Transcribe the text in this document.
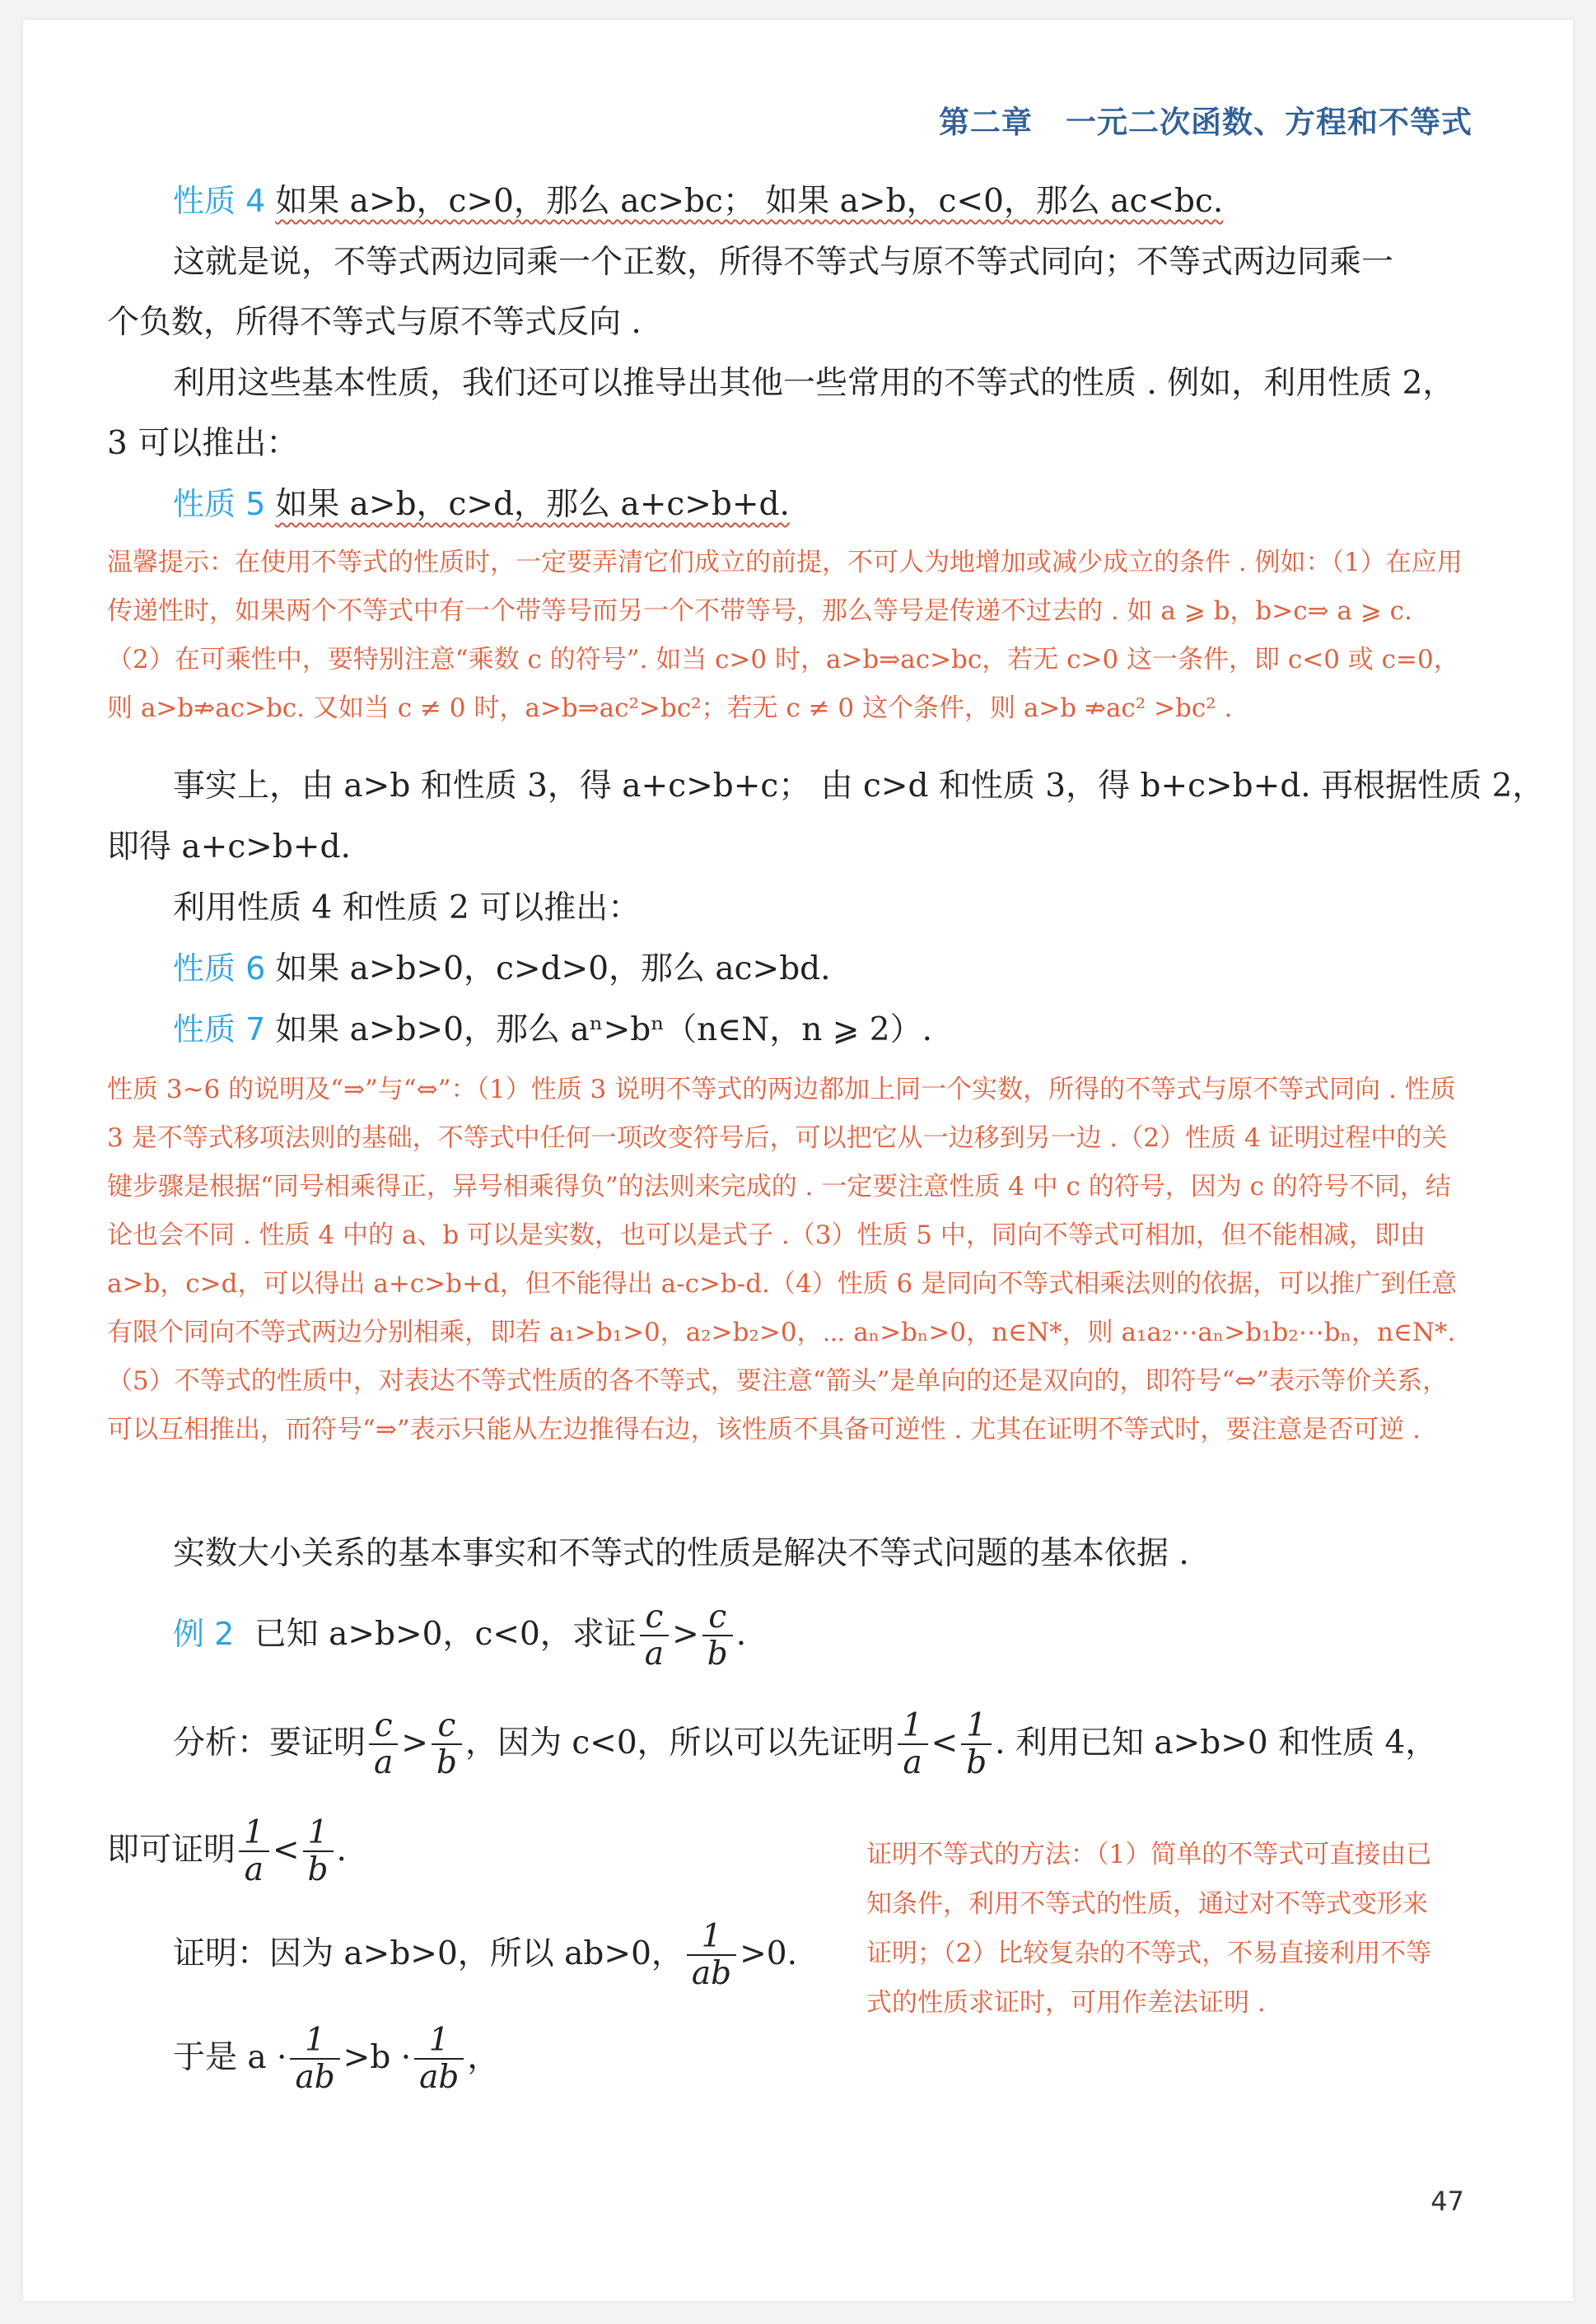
第二章 一元二次函数、方程和不等式
性质 4 如果 a>b，c>0，那么 ac>bc； 如果 a>b，c<0，那么 ac<bc.
这就是说，不等式两边同乘一个正数，所得不等式与原不等式同向；不等式两边同乘一
个负数，所得不等式与原不等式反向 .
利用这些基本性质，我们还可以推导出其他一些常用的不等式的性质 . 例如，利用性质 2，
3 可以推出：
性质 5 如果 a>b，c>d，那么 a+c>b+d.
温馨提示：在使用不等式的性质时，一定要弄清它们成立的前提，不可人为地增加或减少成立的条件 . 例如：（1）在应用传递性时，如果两个不等式中有一个带等号而另一个不带等号，那么等号是传递不过去的 . 如 a ⩾ b，b>c⇒ a ⩾ c.（2）在可乘性中，要特别注意“乘数 c 的符号”. 如当 c>0 时，a>b⇒ac>bc，若无 c>0 这一条件，即 c<0 或 c=0，则 a>b⇏ac>bc. 又如当 c ≠ 0 时，a>b⇒ac²>bc²；若无 c ≠ 0 这个条件，则 a>b ⇏ac² >bc² .
事实上，由 a>b 和性质 3，得 a+c>b+c； 由 c>d 和性质 3，得 b+c>b+d. 再根据性质 2，
即得 a+c>b+d.
利用性质 4 和性质 2 可以推出：
性质 6 如果 a>b>0，c>d>0，那么 ac>bd.
性质 7 如果 a>b>0，那么 aⁿ>bⁿ（n∈N，n ⩾ 2）.
性质 3~6 的说明及“⇒”与“⇔”：（1）性质 3 说明不等式的两边都加上同一个实数，所得的不等式与原不等式同向 . 性质 3 是不等式移项法则的基础，不等式中任何一项改变符号后，可以把它从一边移到另一边 .（2）性质 4 证明过程中的关键步骤是根据“同号相乘得正，异号相乘得负”的法则来完成的 . 一定要注意性质 4 中 c 的符号，因为 c 的符号不同，结论也会不同 . 性质 4 中的 a、b 可以是实数，也可以是式子 .（3）性质 5 中，同向不等式可相加，但不能相减，即由 a>b，c>d，可以得出 a+c>b+d，但不能得出 a-c>b-d.（4）性质 6 是同向不等式相乘法则的依据，可以推广到任意有限个同向不等式两边分别相乘，即若 a₁>b₁>0，a₂>b₂>0，⋯ aₙ>bₙ>0，n∈N*，则 a₁a₂⋯aₙ>b₁b₂⋯bₙ，n∈N*.（5）不等式的性质中，对表达不等式性质的各不等式，要注意“箭头”是单向的还是双向的，即符号“⇔”表示等价关系，可以互相推出，而符号“⇒”表示只能从左边推得右边，该性质不具备可逆性 . 尤其在证明不等式时，要注意是否可逆 .
实数大小关系的基本事实和不等式的性质是解决不等式问题的基本依据 .
例 2 已知 a>b>0，c<0，求证 $\frac{c}{a} > \frac{c}{b}$ .
分析：要证明 $\frac{c}{a} > \frac{c}{b}$ ，因为 c<0，所以可以先证明 $\frac{1}{a} < \frac{1}{b}$ . 利用已知 a>b>0 和性质 4，
即可证明 $\frac{1}{a} < \frac{1}{b}$ .
证明：因为 a>b>0，所以 ab>0， $\frac{1}{ab} >0$.
于是 $a \cdot \frac{1}{ab} >b \cdot \frac{1}{ab}$ ，
证明不等式的方法：（1）简单的不等式可直接由已知条件，利用不等式的性质，通过对不等式变形来证明；（2）比较复杂的不等式，不易直接利用不等式的性质求证时，可用作差法证明 .
47
